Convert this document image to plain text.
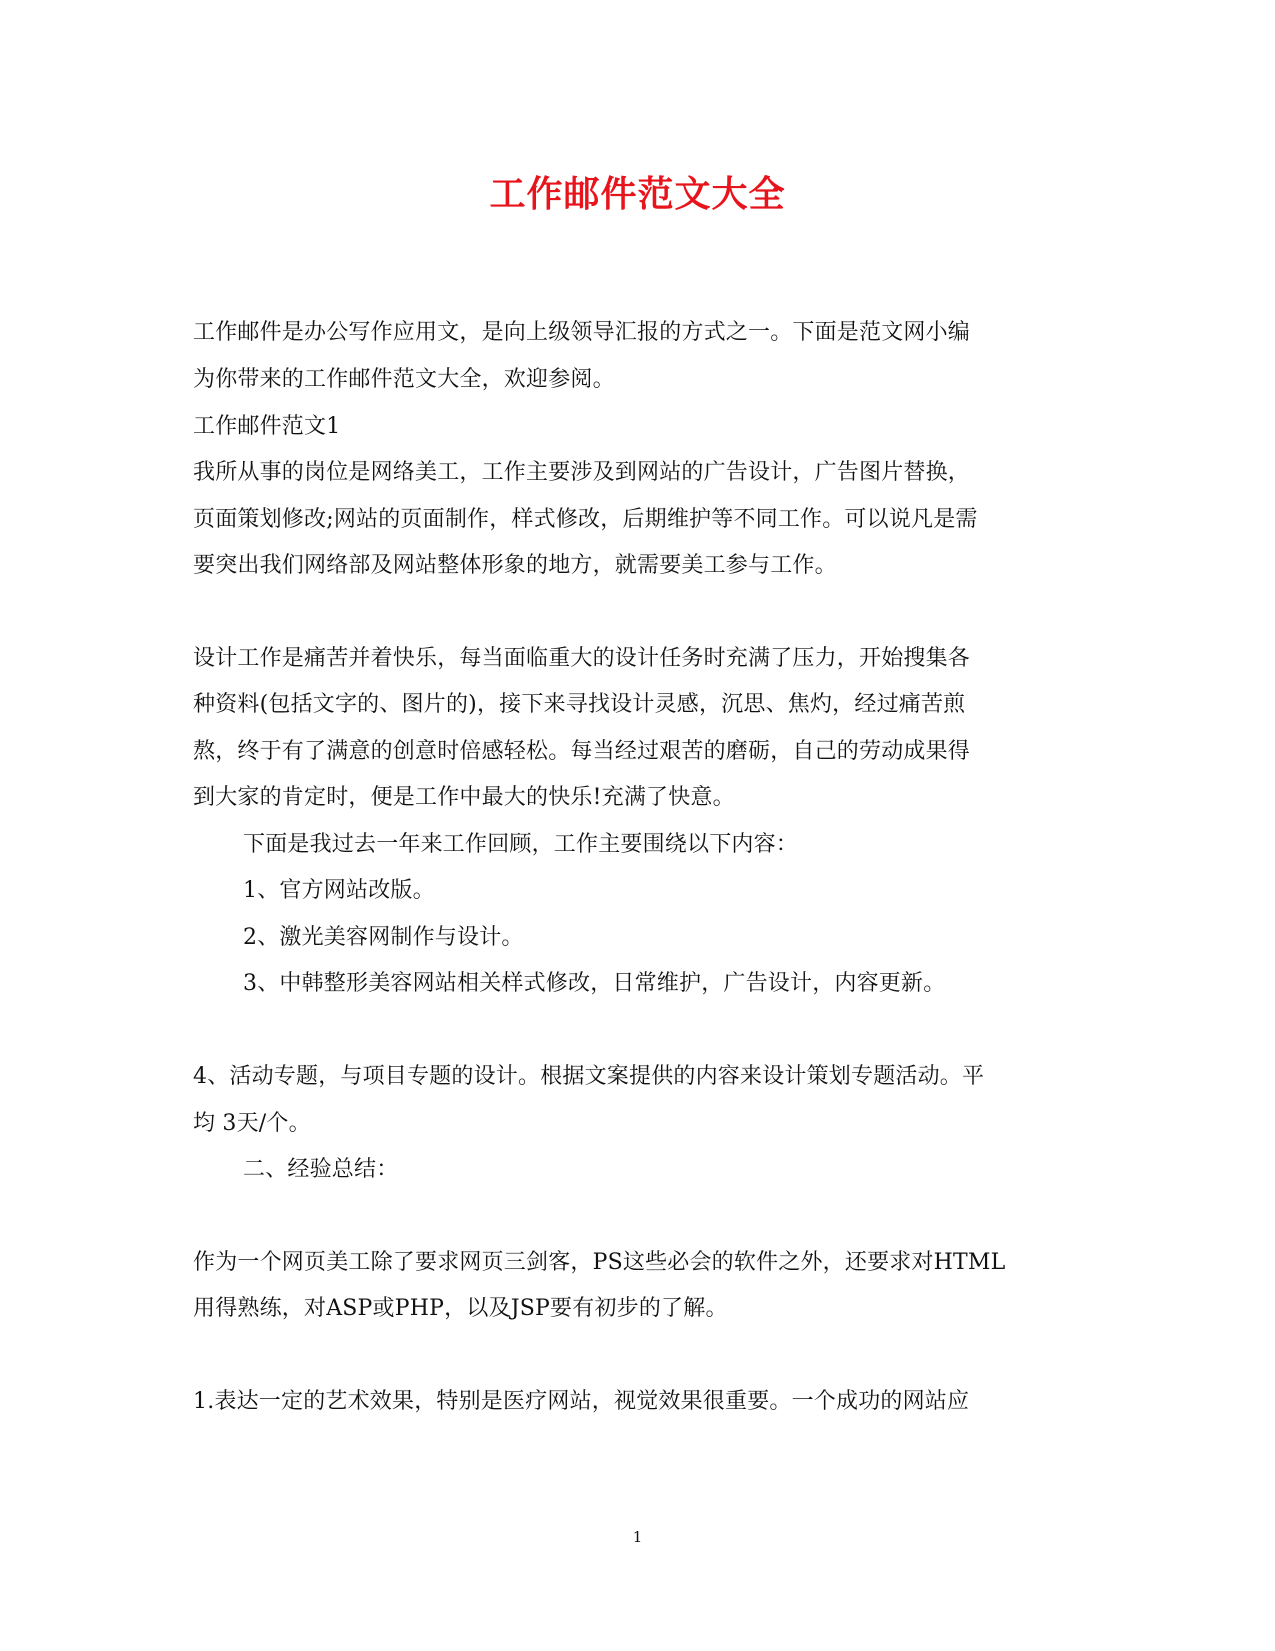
工作邮件范文大全
工作邮件是办公写作应用文，是向上级领导汇报的方式之一。下面是范文网小编
为你带来的工作邮件范文大全，欢迎参阅。
工作邮件范文1
我所从事的岗位是网络美工，工作主要涉及到网站的广告设计，广告图片替换，
页面策划修改;网站的页面制作，样式修改，后期维护等不同工作。可以说凡是需
要突出我们网络部及网站整体形象的地方，就需要美工参与工作。
设计工作是痛苦并着快乐，每当面临重大的设计任务时充满了压力，开始搜集各
种资料(包括文字的、图片的)，接下来寻找设计灵感，沉思、焦灼，经过痛苦煎
熬，终于有了满意的创意时倍感轻松。每当经过艰苦的磨砺，自己的劳动成果得
到大家的肯定时，便是工作中最大的快乐!充满了快意。
下面是我过去一年来工作回顾，工作主要围绕以下内容：
1、官方网站改版。
2、激光美容网制作与设计。
3、中韩整形美容网站相关样式修改，日常维护，广告设计，内容更新。
4、活动专题，与项目专题的设计。根据文案提供的内容来设计策划专题活动。平
均 3天/个。
二、经验总结：
作为一个网页美工除了要求网页三剑客，PS这些必会的软件之外，还要求对HTML
用得熟练，对ASP或PHP，以及JSP要有初步的了解。
1.表达一定的艺术效果，特别是医疗网站，视觉效果很重要。一个成功的网站应
1
